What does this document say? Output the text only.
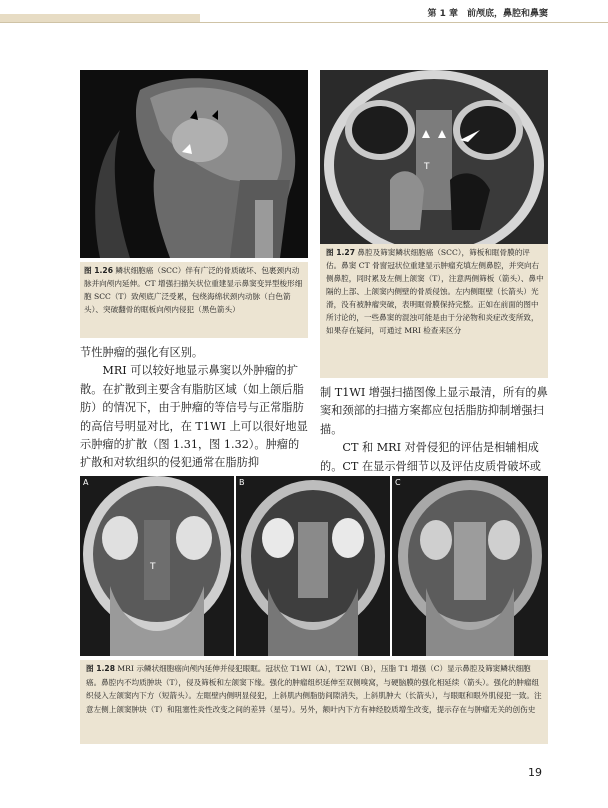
第 1 章　前颅底，鼻腔和鼻窦
图 1.26 鳞状细胞癌（SCC）伴有广泛的骨质破坏、包裹颈内动脉并向颅内延伸。CT 增强扫描矢状位重建显示鼻窦变异型梭形细胞 SCC（T）致颅底广泛受累，包绕海绵状颈内动脉（白色箭头）、突破翻骨的眶板向颅内侵犯（黑色箭头）
T
图 1.27 鼻腔及筛窦鳞状细胞癌（SCC），筛板和眶骨膜的评估。鼻窦 CT 骨窗冠状位重建显示肿瘤充填左侧鼻腔，并突向右侧鼻腔，同时累及左侧上颌窦（T），注意两侧筛板（箭头）、鼻中隔的上部、上颌窦内侧壁的骨质侵蚀。左内侧眶壁（长箭头）光滑，没有被肿瘤突破，表明眶骨膜保持完整。正如在前面的图中所讨论的，一些鼻窦的混浊可能是由于分泌物和炎症改变所致，如果存在疑问，可通过 MRI 检查来区分
节性肿瘤的强化有区别。
MRI 可以较好地显示鼻窦以外肿瘤的扩散。在扩散到主要含有脂肪区域（如上颌后脂肪）的情况下，由于肿瘤的等信号与正常脂肪的高信号明显对比，在 T1WI 上可以很好地显示肿瘤的扩散（图 1.31，图 1.32）。肿瘤的扩散和对软组织的侵犯通常在脂肪抑
制 T1WI 增强扫描图像上显示最清，所有的鼻窦和颈部的扫描方案都应包括脂肪抑制增强扫描。
CT 和 MRI 对骨侵犯的评估是相辅相成的。CT 在显示骨细节以及评估皮质骨破坏或
A
T
B	C
图 1.28 MRI 示鳞状细胞癌向颅内延伸并侵犯眼眶。冠状位 T1WI（A），T2WI（B），压脂 T1 增强（C）显示鼻腔及筛窦鳞状细胞癌。鼻腔内不均质肿块（T），侵及筛板和左颌窦下缘。强化的肿瘤组织延伸至双侧嗅窝，与硬脑膜的强化相延续（箭头）。强化的肿瘤组织侵入左颌窦内下方（短箭头）。左眶壁内侧明显侵犯，上斜肌内侧脂肪间隙消失，上斜肌肿大（长箭头），与眼眶和眼外肌侵犯一致。注意左侧上颌窦肿块（T）和阻塞性炎性改变之间的差异（星号）。另外，额叶内下方有神经胶质增生改变，提示存在与肿瘤无关的创伤史
19
